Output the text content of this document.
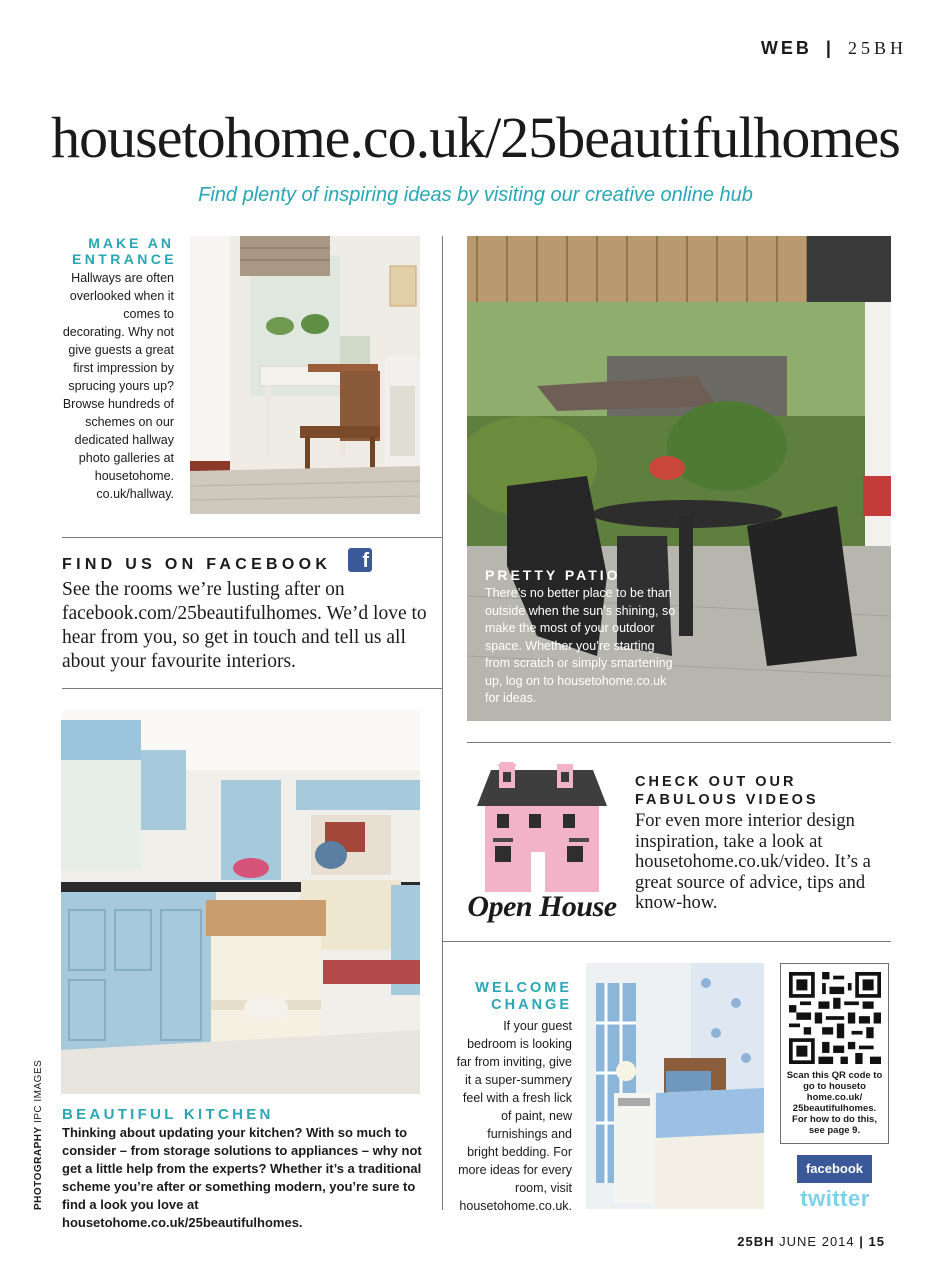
WEB | 25BH
housetohome.co.uk/25beautifulhomes
Find plenty of inspiring ideas by visiting our creative online hub
MAKE AN
ENTRANCE
Hallways are often overlooked when it comes to decorating. Why not give guests a great first impression by sprucing yours up? Browse hundreds of schemes on our dedicated hallway photo galleries at housetohome. co.uk/hallway.
FIND US ON FACEBOOK	f
See the rooms we’re lusting after on facebook.com/25beautifulhomes. We’d love to hear from you, so get in touch and tell us all about your favourite interiors.
PRETTY PATIO
There’s no better place to be than outside when the sun’s shining, so make the most of your outdoor space. Whether you’re starting from scratch or simply smartening up, log on to housetohome.co.uk for ideas.
Open House
CHECK OUT OUR
FABULOUS VIDEOS
For even more interior design inspiration, take a look at housetohome.co.uk/video. It’s a great source of advice, tips and know-how.
BEAUTIFUL KITCHEN
Thinking about updating your kitchen? With so much to consider – from storage solutions to appliances – why not get a little help from the experts? Whether it’s a traditional scheme you’re after or something modern, you’re sure to find a look you love at housetohome.co.uk/25beautifulhomes.
PHOTOGRAPHY IPC IMAGES
WELCOME
CHANGE
If your guest bedroom is looking far from inviting, give it a super-summery feel with a fresh lick of paint, new furnishings and bright bedding. For more ideas for every room, visit housetohome.co.uk.
Scan this QR code to go to houseto home.co.uk/ 25beautifulhomes. For how to do this, see page 9.
facebook
twitter
25BH JUNE 2014 | 15
